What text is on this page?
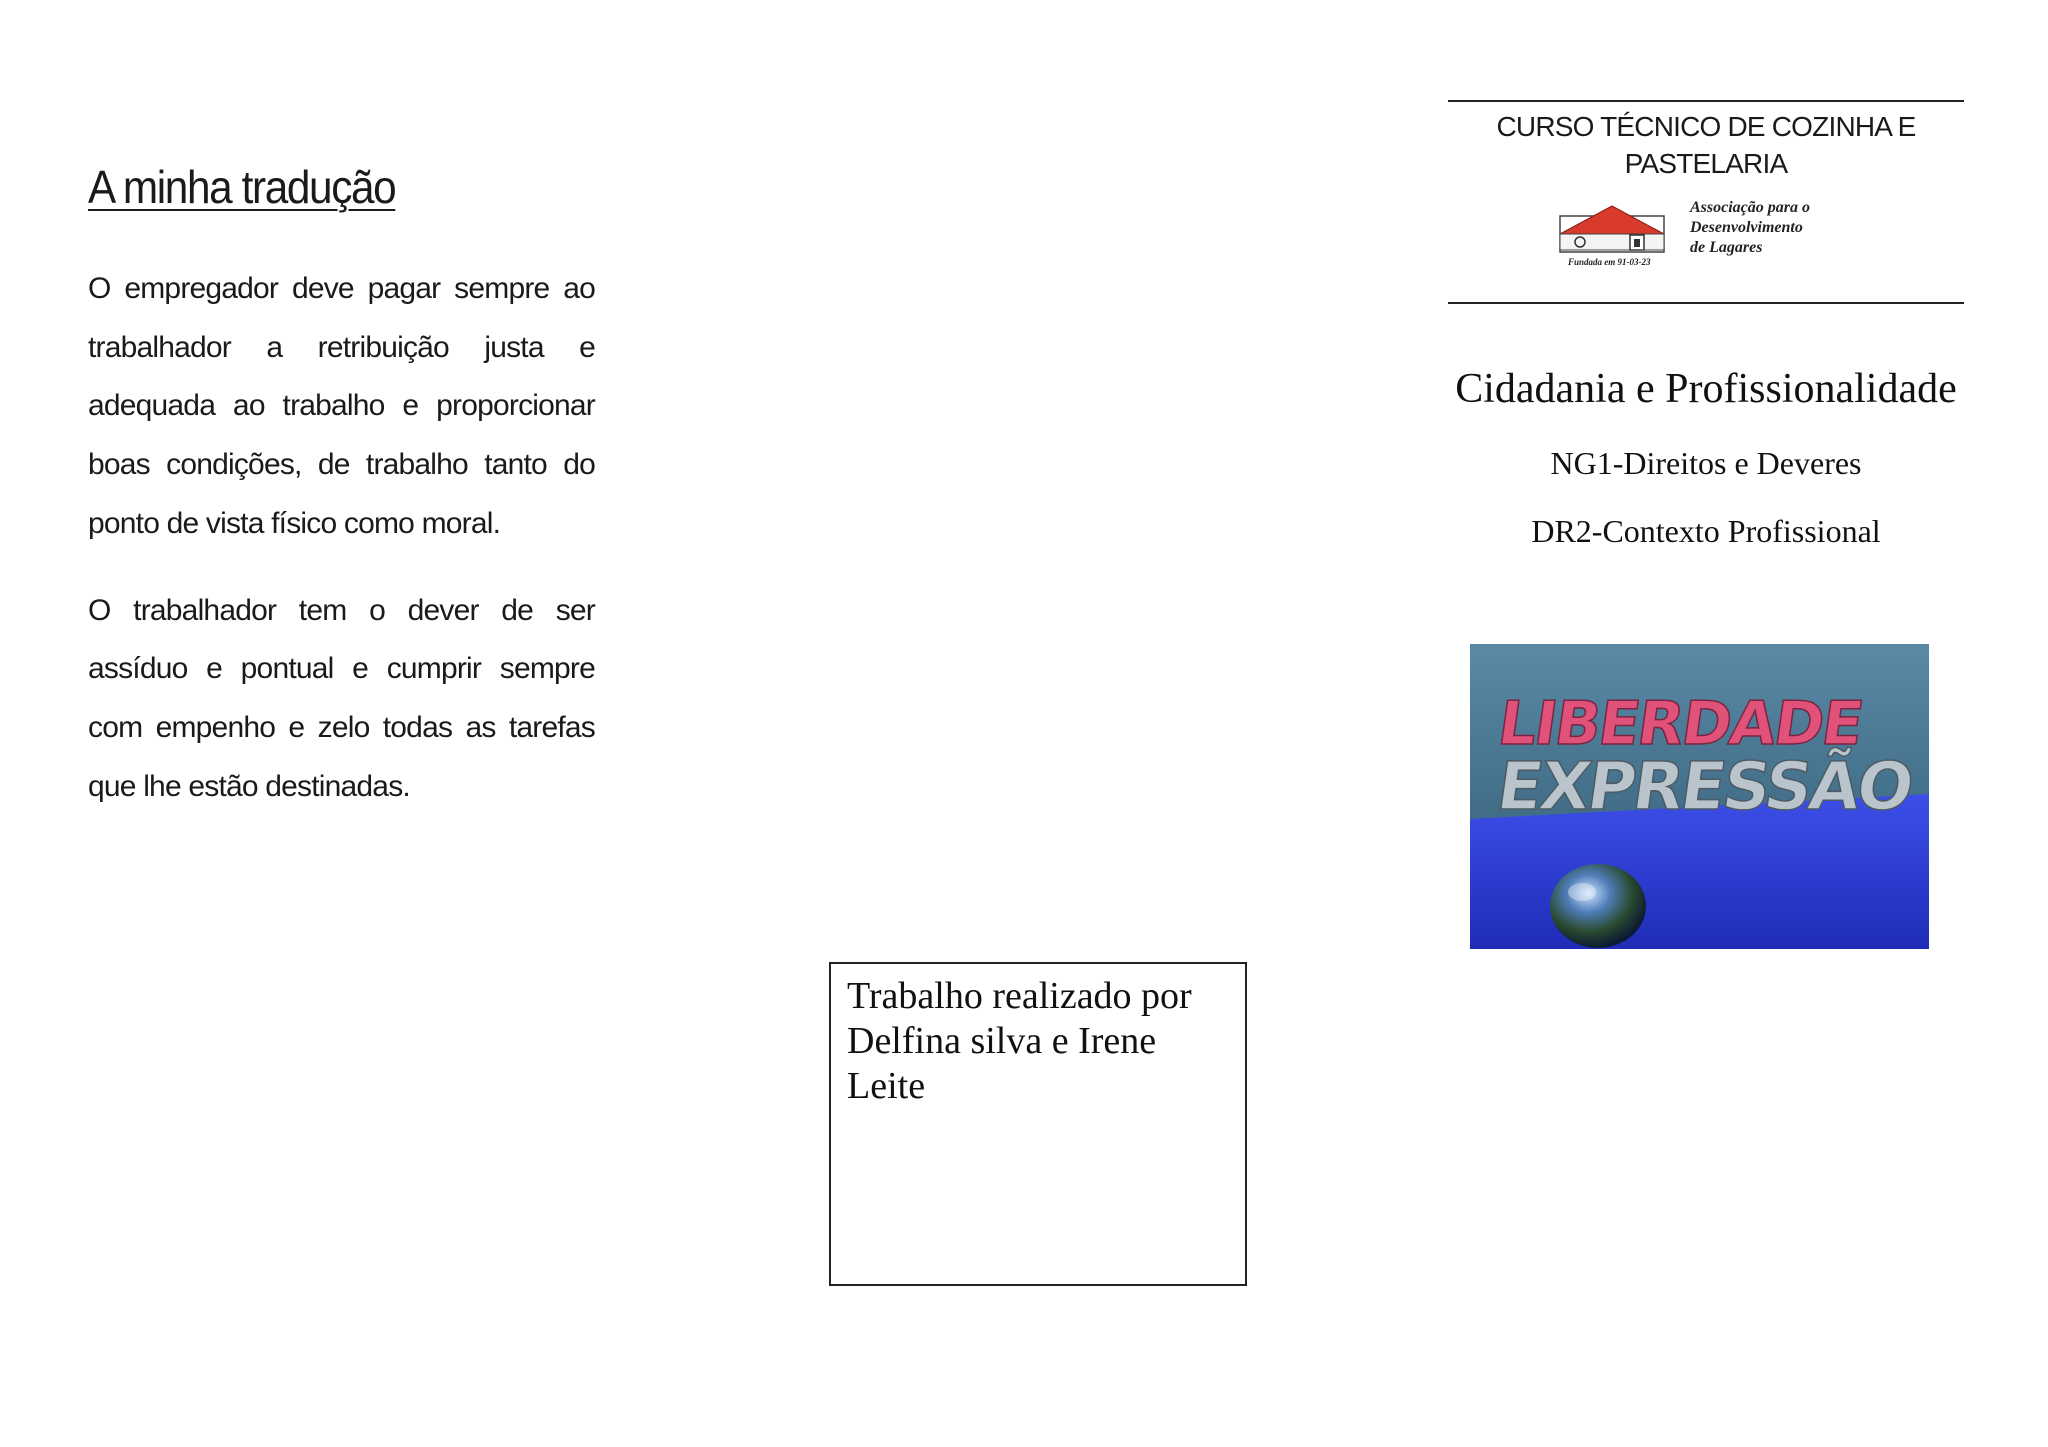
A minha tradução

O empregador deve pagar sempre ao trabalhador a retribuição justa e adequada ao trabalho e proporcionar boas condições, de trabalho tanto do ponto de vista físico como moral.

O trabalhador tem o dever de ser assíduo e pontual e cumprir sempre com empenho e zelo todas as tarefas que lhe estão destinadas.

Trabalho realizado por Delfina silva e Irene Leite
CURSO TÉCNICO DE COZINHA E PASTELARIA
Fundada em 91-03-23
Associação para o
Desenvolvimento
de Lagares
Cidadania e Profissionalidade
NG1-Direitos e Deveres
DR2-Contexto Profissional
LIBERDADE
EXPRESSÃO
